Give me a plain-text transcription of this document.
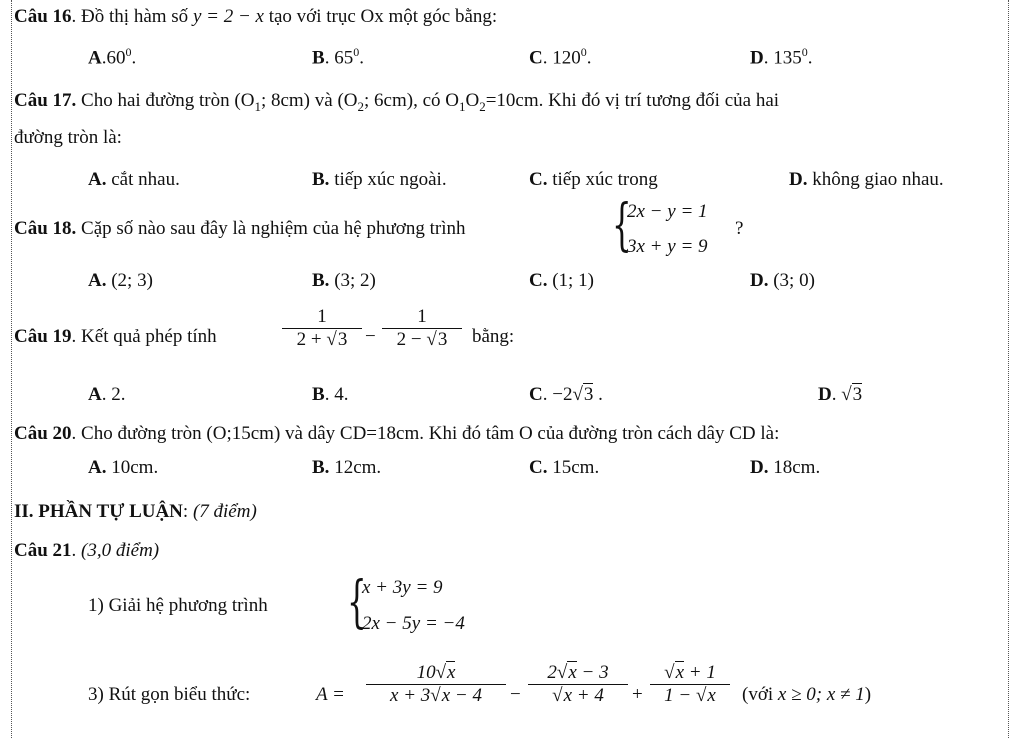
Câu 16. Đồ thị hàm số y = 2 − x tạo với trục Ox một góc bằng:
$A.60^0$.	B. $65^0$.	C. $120^0$.	D. $135^0$.
Câu 17. Cho hai đường tròn ($O_1$; 8cm) và ($O_2$; 6cm), có $O_1O_2=10cm$. Khi đó vị trí tương đối của hai
đường tròn là:
A. cắt nhau.	B. tiếp xúc ngoài.	C. tiếp xúc trong	D. không giao nhau.
Câu 18. Cặp số nào sau đây là nghiệm của hệ phương trình	{
2x − y = 1
3x + y = 9
?
A. (2; 3)	B. (3; 2)	C. (1; 1)	D. (3; 0)
Câu 19. Kết quả phép tính	$\frac{1}{2 + √3} - \frac{1}{2 - √3}$ bằng:
A. 2.	B. 4.	C. −2√3 .	D. √3
Câu 20. Cho đường tròn (O;15cm) và dây CD=18cm. Khi đó tâm O của đường tròn cách dây CD là:
A. 10cm.	B. 12cm.	C. 15cm.	D. 18cm.
II. PHẦN TỰ LUẬN: (7 điểm)
Câu 21. (3,0 điểm)
1) Giải hệ phương trình {
x + 3y = 9
2x − 5y = −4
3) Rút gọn biểu thức:	$A = \frac{10√x}{x + 3√x - 4} - \frac{2√x - 3}{√x + 4} + \frac{√x + 1}{1 - √x}$ (với x ≥ 0; x ≠ 1)
